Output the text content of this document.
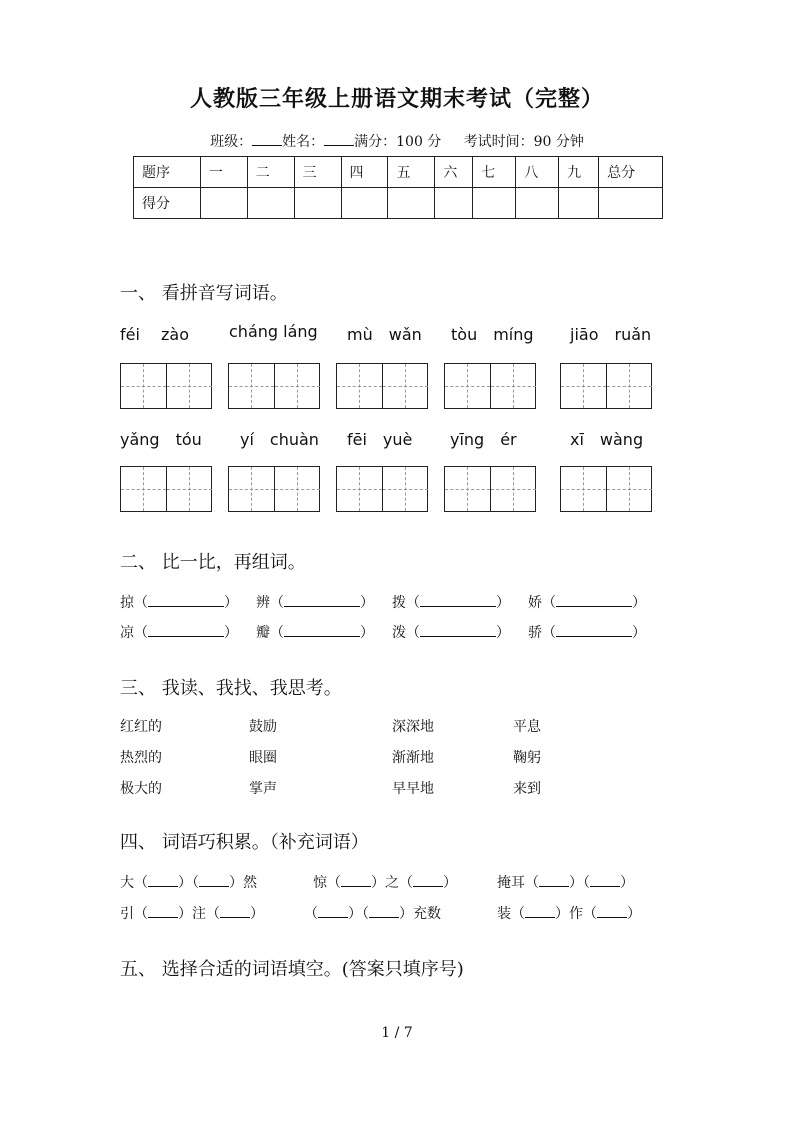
人教版三年级上册语文期末考试（完整）
班级： 姓名： 满分：100 分 考试时间：90 分钟
题序	一	二	三	四	五	六	七	八	九	总分
得分										
一、 看拼音写词语。
féi　 zào cháng láng mù　wǎn tòu　míng jiāo　ruǎn
yǎng　tóu yí　chuàn fēi　yuè yīng　ér	xī　wàng
二、 比一比，再组词。
掠（	） 辨（	） 拨（	） 娇（	）
凉（	） 瓣（	） 泼（	） 骄（	）
三、 我读、我找、我思考。
红红的	鼓励	深深地	平息
热烈的	眼圈	渐渐地	鞠躬
极大的	掌声	早早地	来到
四、 词语巧积累。（补充词语）
大（ ）（ ）然	惊（ ）之（ ）	掩耳（ ）（ ）
引（ ）注（ ）	（ ）（ ）充数	装（ ）作（ ）
五、 选择合适的词语填空。(答案只填序号)
1 / 7
